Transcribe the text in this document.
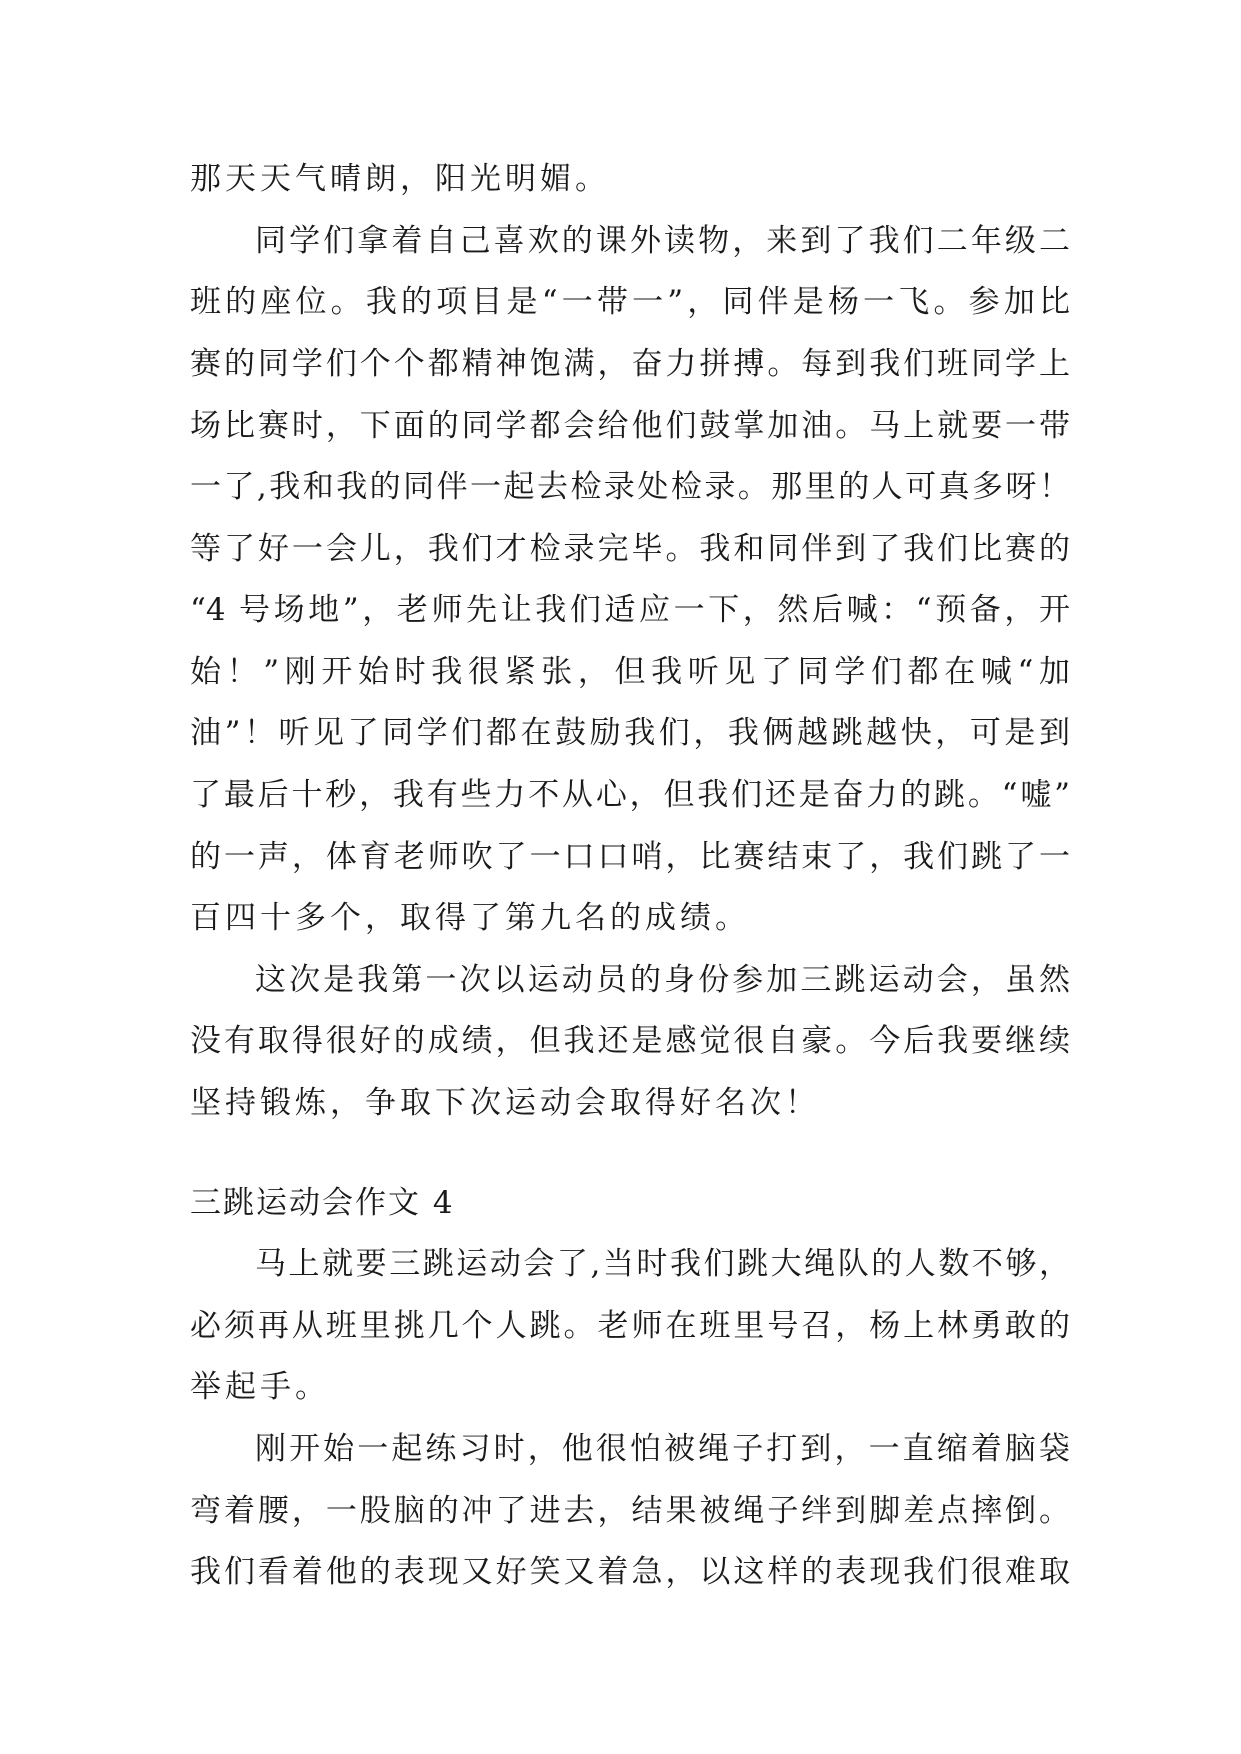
那天天气晴朗，阳光明媚。
同学们拿着自己喜欢的课外读物，来到了我们二年级二
班的座位。我的项目是“一带一”，同伴是杨一飞。参加比
赛的同学们个个都精神饱满，奋力拼搏。每到我们班同学上
场比赛时，下面的同学都会给他们鼓掌加油。马上就要一带
一了,我和我的同伴一起去检录处检录。那里的人可真多呀！
等了好一会儿，我们才检录完毕。我和同伴到了我们比赛的
“4 号场地”，老师先让我们适应一下，然后喊：“预备，开
始！”刚开始时我很紧张，但我听见了同学们都在喊“加
油”！听见了同学们都在鼓励我们，我俩越跳越快，可是到
了最后十秒，我有些力不从心，但我们还是奋力的跳。“嘘”
的一声，体育老师吹了一口口哨，比赛结束了，我们跳了一
百四十多个，取得了第九名的成绩。
这次是我第一次以运动员的身份参加三跳运动会，虽然
没有取得很好的成绩，但我还是感觉很自豪。今后我要继续
坚持锻炼，争取下次运动会取得好名次！
三跳运动会作文 4
马上就要三跳运动会了,当时我们跳大绳队的人数不够，
必须再从班里挑几个人跳。老师在班里号召，杨上林勇敢的
举起手。
刚开始一起练习时，他很怕被绳子打到，一直缩着脑袋
弯着腰，一股脑的冲了进去，结果被绳子绊到脚差点摔倒。
我们看着他的表现又好笑又着急，以这样的表现我们很难取
